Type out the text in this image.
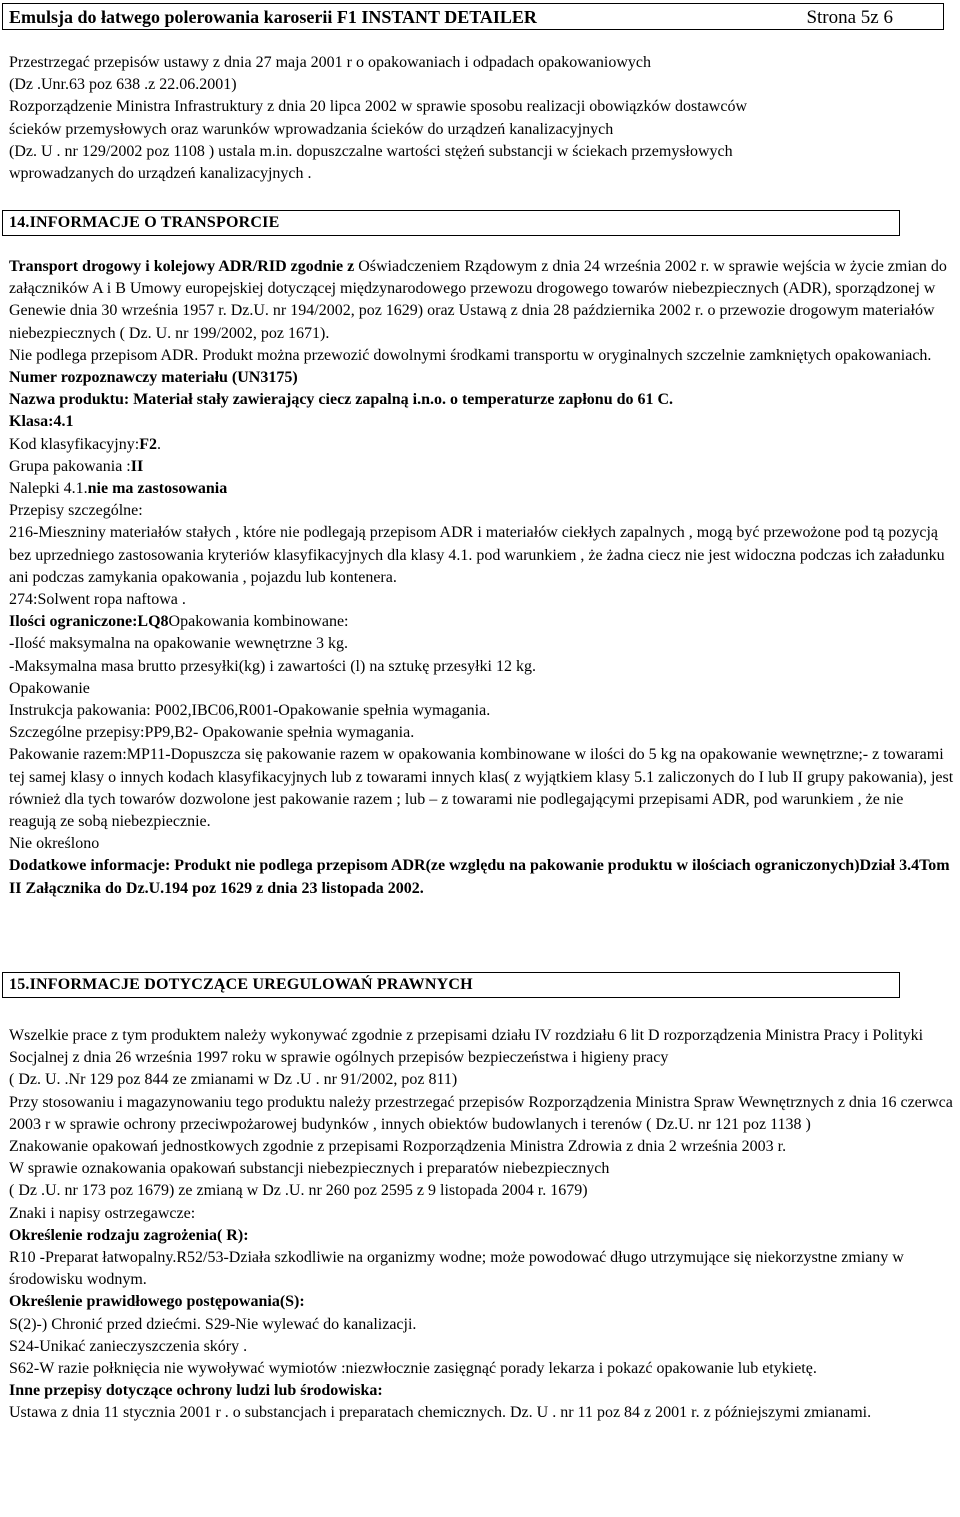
Emulsja do łatwego polerowania karoserii F1 INSTANT DETAILER	Strona 5z 6

Przestrzegać przepisów ustawy z dnia 27 maja 2001 r o opakowaniach i odpadach opakowaniowych

(Dz .Unr.63 poz 638 .z 22.06.2001)

Rozporządzenie Ministra Infrastruktury z dnia 20 lipca 2002 w sprawie sposobu realizacji obowiązków dostawców

ścieków przemysłowych oraz warunków wprowadzania ścieków do urządzeń kanalizacyjnych

(Dz. U . nr 129/2002 poz 1108 ) ustala m.in. dopuszczalne wartości stężeń substancji w ściekach przemysłowych

wprowadzanych do urządzeń kanalizacyjnych .

14.INFORMACJE O TRANSPORCIE

Transport drogowy i kolejowy ADR/RID zgodnie z Oświadczeniem Rządowym z dnia 24 września 2002 r. w sprawie wejścia w życie zmian do załączników A i B Umowy europejskiej dotyczącej międzynarodowego przewozu drogowego towarów niebezpiecznych (ADR), sporządzonej w Genewie dnia 30 września 1957 r. Dz.U. nr 194/2002, poz 1629) oraz Ustawą z dnia 28 października 2002 r. o przewozie drogowym materiałów niebezpiecznych ( Dz. U. nr 199/2002, poz 1671).

Nie podlega przepisom ADR. Produkt można przewozić dowolnymi środkami transportu w oryginalnych szczelnie zamkniętych opakowaniach.

Numer rozpoznawczy materiału (UN3175)

Nazwa produktu: Materiał stały zawierający ciecz zapalną i.n.o. o temperaturze zapłonu do 61 C.

Klasa:4.1

Kod klasyfikacyjny:F2.

Grupa pakowania :II

Nalepki 4.1.nie ma zastosowania

Przepisy szczególne:

216-Mieszniny materiałów stałych , które nie podlegają przepisom ADR i materiałów ciekłych zapalnych , mogą być przewożone pod tą pozycją bez uprzedniego zastosowania kryteriów klasyfikacyjnych dla klasy 4.1. pod warunkiem , że żadna ciecz nie jest widoczna podczas ich załadunku ani podczas zamykania opakowania , pojazdu lub kontenera.

274:Solwent ropa naftowa .

Ilości ograniczone:LQ8Opakowania kombinowane:

-Ilość maksymalna na opakowanie wewnętrzne 3 kg.

-Maksymalna masa brutto przesyłki(kg) i zawartości (l) na sztukę przesyłki 12 kg.

Opakowanie

Instrukcja pakowania: P002,IBC06,R001-Opakowanie spełnia wymagania.

Szczególne przepisy:PP9,B2- Opakowanie spełnia wymagania.

Pakowanie razem:MP11-Dopuszcza się pakowanie razem w opakowania kombinowane w ilości do 5 kg na opakowanie wewnętrzne;- z towarami tej samej klasy o innych kodach klasyfikacyjnych lub z towarami innych klas( z wyjątkiem klasy 5.1 zaliczonych do I lub II grupy pakowania), jest również dla tych towarów dozwolone jest pakowanie razem ; lub – z towarami nie podlegającymi przepisami ADR, pod warunkiem , że nie reagują ze sobą niebezpiecznie.

Nie określono

Dodatkowe informacje: Produkt nie podlega przepisom ADR(ze względu na pakowanie produktu w ilościach ograniczonych)Dział 3.4Tom II Załącznika do Dz.U.194 poz 1629 z dnia 23 listopada 2002.

15.INFORMACJE DOTYCZĄCE UREGULOWAŃ PRAWNYCH

Wszelkie prace z tym produktem należy wykonywać zgodnie z przepisami działu IV rozdziału 6 lit D rozporządzenia Ministra Pracy i Polityki Socjalnej z dnia 26 września 1997 roku w sprawie ogólnych przepisów bezpieczeństwa i higieny pracy

( Dz. U. .Nr 129 poz 844 ze zmianami w Dz .U . nr 91/2002, poz 811)

Przy stosowaniu i magazynowaniu tego produktu należy przestrzegać przepisów Rozporządzenia Ministra Spraw Wewnętrznych z dnia 16 czerwca 2003 r w sprawie ochrony przeciwpożarowej budynków , innych obiektów budowlanych i terenów ( Dz.U. nr 121 poz 1138 )

Znakowanie opakowań jednostkowych zgodnie z przepisami Rozporządzenia Ministra Zdrowia z dnia 2 września 2003 r.

W sprawie oznakowania opakowań substancji niebezpiecznych i preparatów niebezpiecznych

( Dz .U. nr 173 poz 1679) ze zmianą w Dz .U. nr 260 poz 2595 z 9 listopada 2004 r. 1679)

Znaki i napisy ostrzegawcze:

Określenie rodzaju zagrożenia( R):

R10 -Preparat łatwopalny.R52/53-Działa szkodliwie na organizmy wodne; może powodować długo utrzymujące się niekorzystne zmiany w środowisku wodnym.

Określenie prawidłowego postępowania(S):

S(2)-) Chronić przed dziećmi. S29-Nie wylewać do kanalizacji.

S24-Unikać zanieczyszczenia skóry .

S62-W razie połknięcia nie wywoływać wymiotów :niezwłocznie zasięgnąć porady lekarza i pokazć opakowanie lub etykietę.

Inne przepisy dotyczące ochrony ludzi lub środowiska:

Ustawa z dnia 11 stycznia 2001 r . o substancjach i preparatach chemicznych. Dz. U . nr 11 poz 84 z 2001 r. z późniejszymi zmianami.
